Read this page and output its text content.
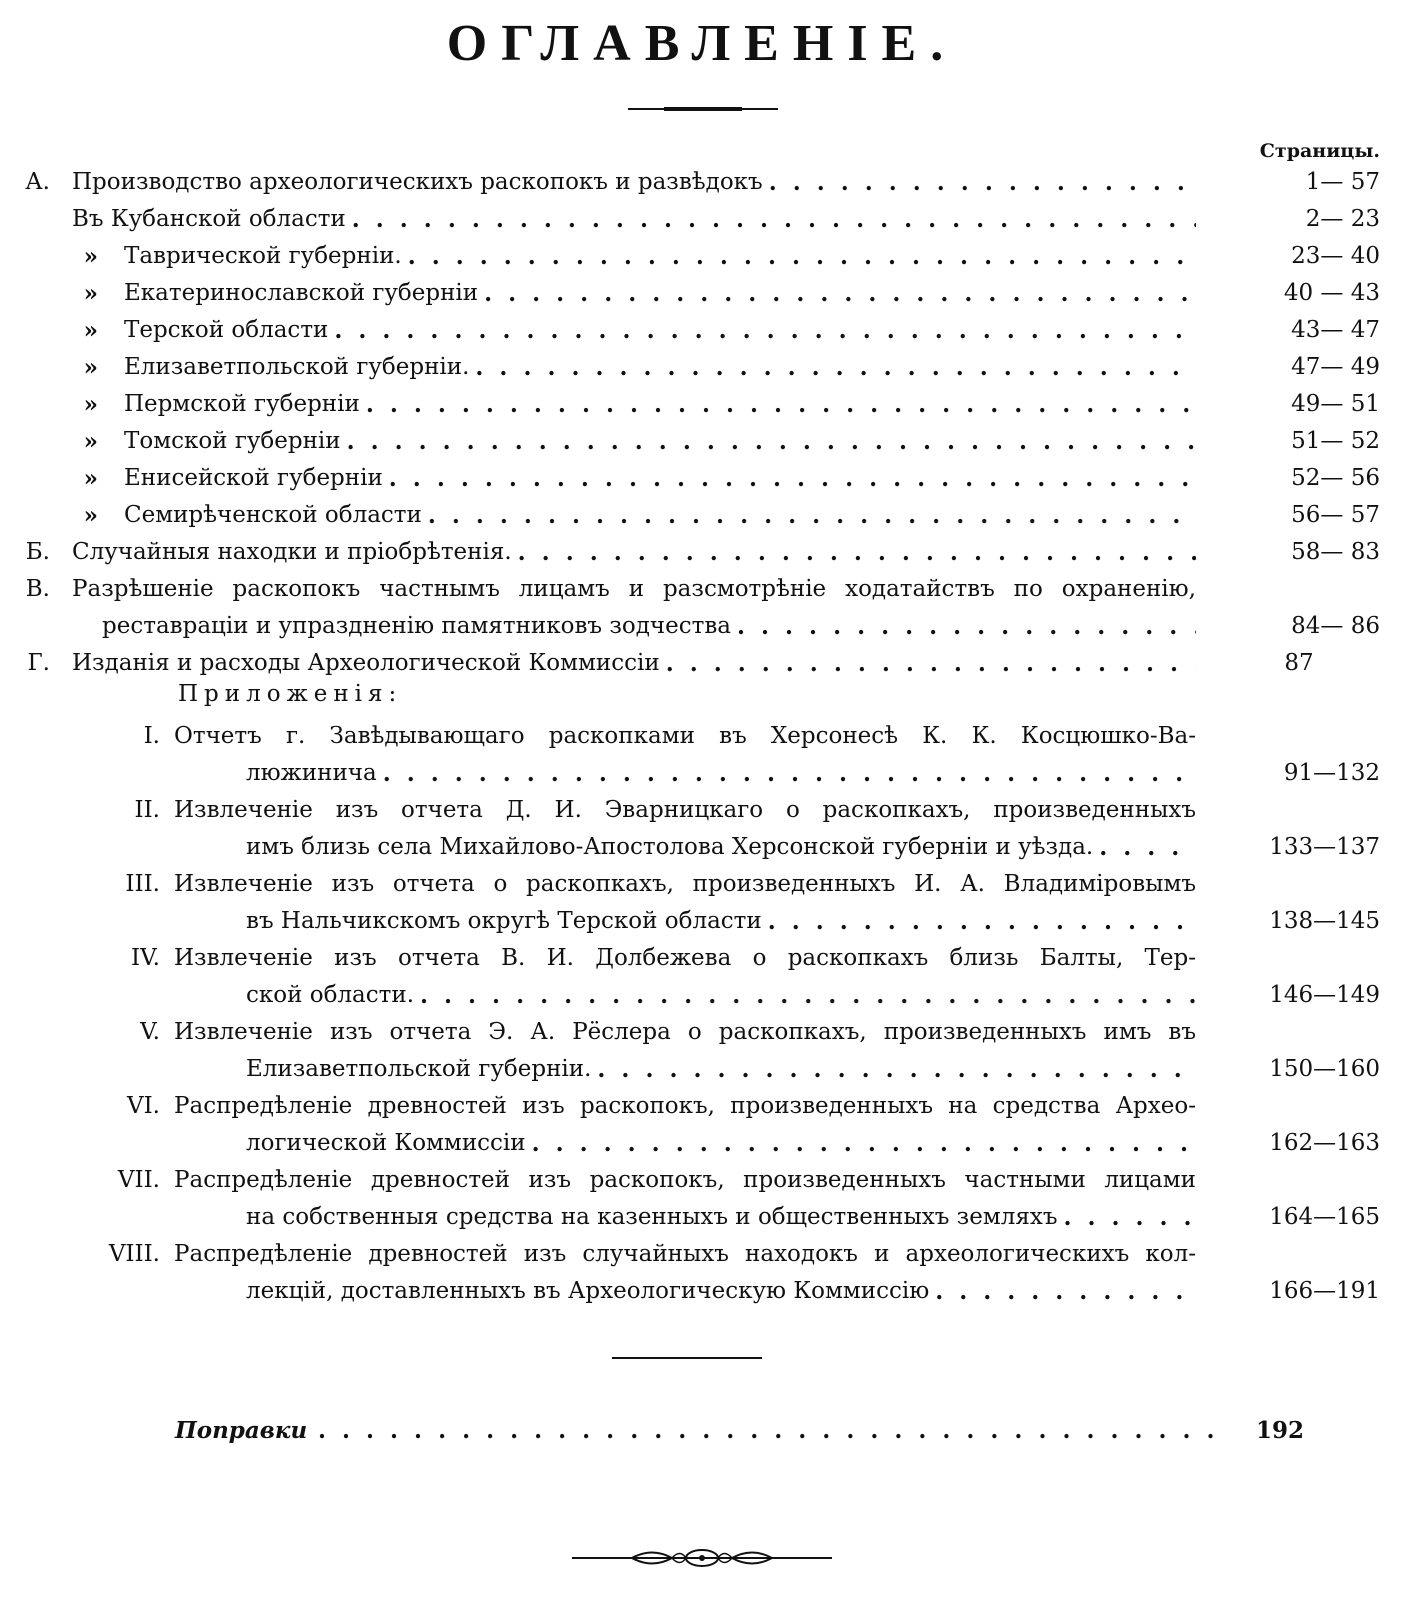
ОГЛАВЛЕНІЕ.
Страницы.
А. Производство археологическихъ раскопокъ и развѣдокъ . . .	1— 57
Въ Кубанской области . . .	2— 23
» Таврической губерніи. . . .	23— 40
» Екатеринославской губерніи . . .	40 — 43
» Терской области . . .	43— 47
» Елизаветпольской губерніи. . . .	47— 49
» Пермской губерніи . . .	49— 51
» Томской губерніи . . .	51— 52
» Енисейской губерніи . . .	52— 56
» Семирѣченской области . . .	56— 57
Б. Случайныя находки и пріобрѣтенія. . . .	58— 83
В. Разрѣшеніе раскопокъ частнымъ лицамъ и разсмотрѣніе ходатайствъ по охраненію,
реставраціи и упраздненію памятниковъ зодчества . . .	84— 86
Г. Изданія и расходы Археологической Коммиссіи . . .	87
I. Отчетъ г. Завѣдывающаго раскопками въ Херсонесѣ К. К. Косцюшко-Ва-
люжинича . . .	91—132
II. Извлеченіе изъ отчета Д. И. Эварницкаго о раскопкахъ, произведенныхъ
имъ близь села Михайлово-Апостолова Херсонской губерніи и уѣзда. . . .	133—137
III. Извлеченіе изъ отчета о раскопкахъ, произведенныхъ И. А. Владиміровымъ
въ Нальчикскомъ округѣ Терской области . . .	138—145
IV. Извлеченіе изъ отчета В. И. Долбежева о раскопкахъ близь Балты, Тер-
ской области. . . .	146—149
V. Извлеченіе изъ отчета Э. А. Рёслера о раскопкахъ, произведенныхъ имъ въ
Елизаветпольской губерніи. . . .	150—160
VI. Распредѣленіе древностей изъ раскопокъ, произведенныхъ на средства Архео-
логической Коммиссіи . . .	162—163
VII. Распредѣленіе древностей изъ раскопокъ, произведенныхъ частными лицами
на собственныя средства на казенныхъ и общественныхъ земляхъ . . .	164—165
VIII. Распредѣленіе древностей изъ случайныхъ находокъ и археологическихъ кол-
лекцій, доставленныхъ въ Археологическую Коммиссію . . .	166—191
Приложенія:
Поправки . . .	192
